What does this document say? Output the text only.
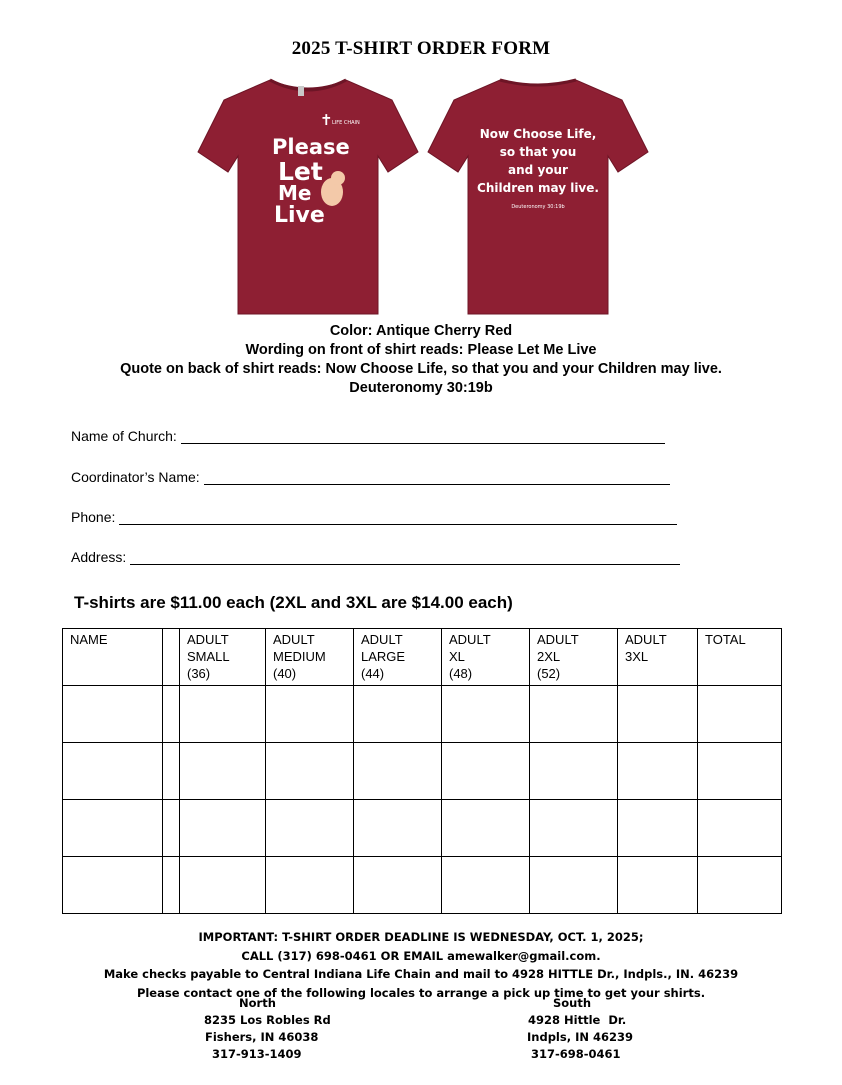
2025 T-SHIRT ORDER FORM
✝ LIFE CHAIN
Please
Let
Me
Live
Now Choose Life,
so that you
and your
Children may live.
Deuteronomy 30:19b
Color: Antique Cherry Red
Wording on front of shirt reads: Please Let Me Live
Quote on back of shirt reads: Now Choose Life, so that you and your Children may live.
Deuteronomy 30:19b
Name of Church:
Coordinator’s Name:
Phone:
Address:
T-shirts are $11.00 each (2XL and 3XL are $14.00 each)
NAME		ADULT
SMALL
(36)	ADULT
MEDIUM
(40)	ADULT
LARGE
(44)	ADULT
XL
(48)	ADULT
2XL
(52)	ADULT
3XL	TOTAL

IMPORTANT: T-SHIRT ORDER DEADLINE IS WEDNESDAY, OCT. 1, 2025;
CALL (317) 698-0461 OR EMAIL amewalker@gmail.com.
Make checks payable to Central Indiana Life Chain and mail to 4928 HITTLE Dr., Indpls., IN. 46239
Please contact one of the following locales to arrange a pick up time to get your shirts.
North
8235 Los Robles Rd
Fishers, IN 46038
317-913-1409
South
4928 Hittle  Dr.
Indpls, IN 46239
317-698-0461
